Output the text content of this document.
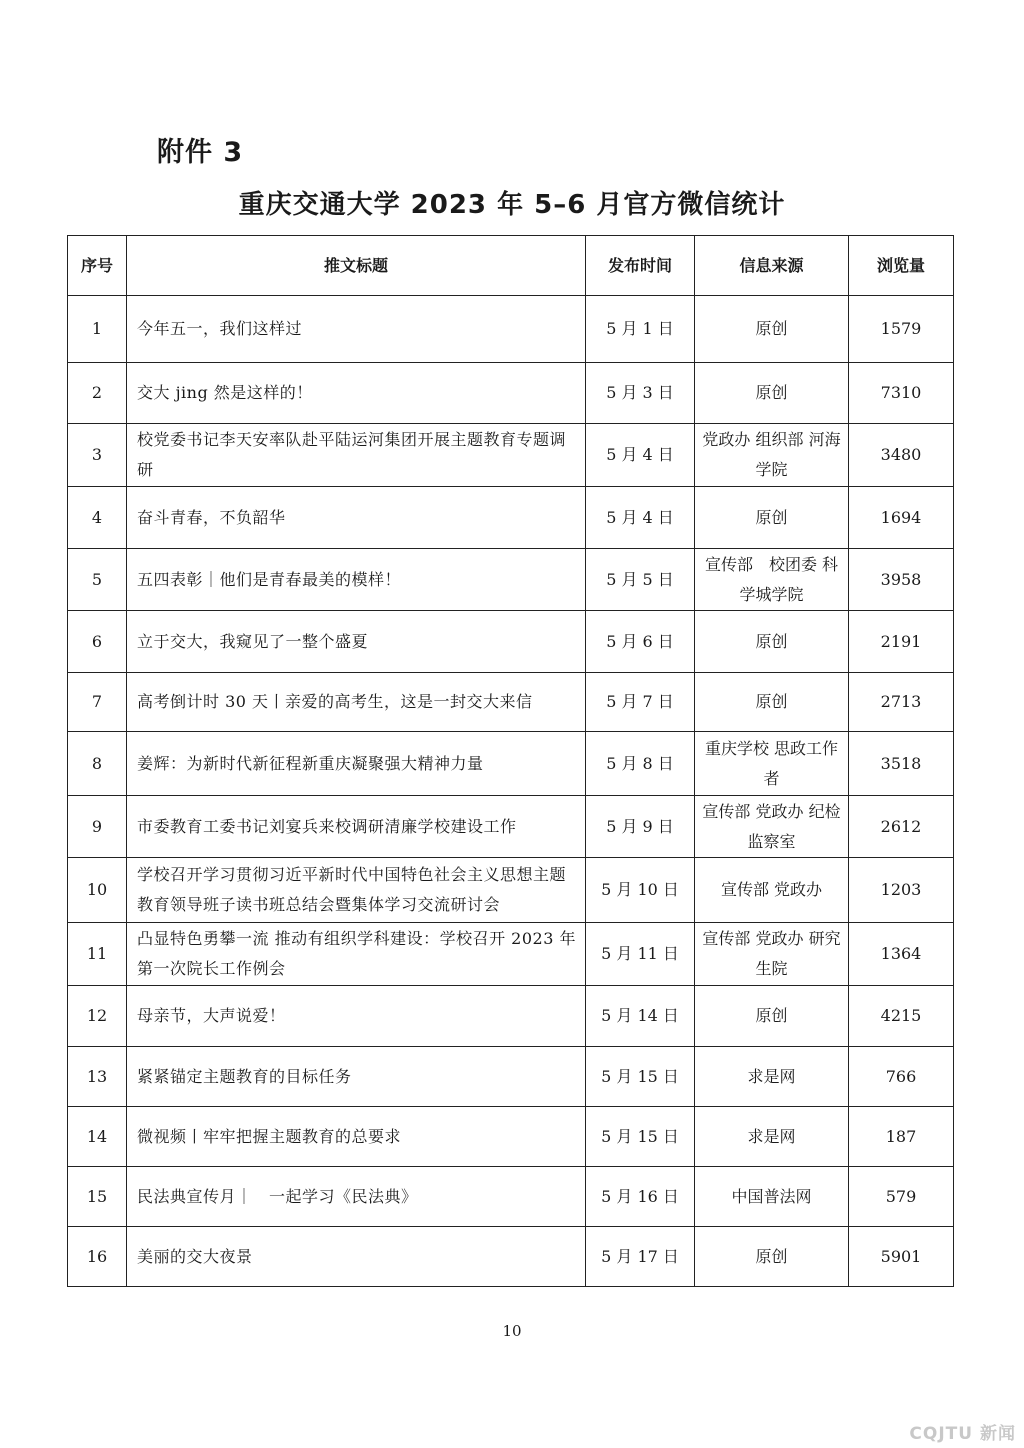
附件 3
重庆交通大学 2023 年 5–6 月官方微信统计
序号	推文标题	发布时间	信息来源	浏览量
1	今年五一，我们这样过	5 月 1 日	原创	1579
2	交大 jing 然是这样的！	5 月 3 日	原创	7310
3	校党委书记李天安率队赴平陆运河集团开展主题教育专题调研	5 月 4 日	党政办 组织部 河海学院	3480
4	奋斗青春，不负韶华	5 月 4 日	原创	1694
5	五四表彰｜他们是青春最美的模样！	5 月 5 日	宣传部　校团委 科学城学院	3958
6	立于交大，我窥见了一整个盛夏	5 月 6 日	原创	2191
7	高考倒计时 30 天丨亲爱的高考生，这是一封交大来信	5 月 7 日	原创	2713
8	姜辉：为新时代新征程新重庆凝聚强大精神力量	5 月 8 日	重庆学校 思政工作者	3518
9	市委教育工委书记刘宴兵来校调研清廉学校建设工作	5 月 9 日	宣传部 党政办 纪检监察室	2612
10	学校召开学习贯彻习近平新时代中国特色社会主义思想主题教育领导班子读书班总结会暨集体学习交流研讨会	5 月 10 日	宣传部 党政办	1203
11	凸显特色勇攀一流 推动有组织学科建设：学校召开 2023 年第一次院长工作例会	5 月 11 日	宣传部 党政办 研究生院	1364
12	母亲节，大声说爱！	5 月 14 日	原创	4215
13	紧紧锚定主题教育的目标任务	5 月 15 日	求是网	766
14	微视频丨牢牢把握主题教育的总要求	5 月 15 日	求是网	187
15	民法典宣传月｜　一起学习《民法典》	5 月 16 日	中国普法网	579
16	美丽的交大夜景	5 月 17 日	原创	5901
10
CQJTU 新闻
